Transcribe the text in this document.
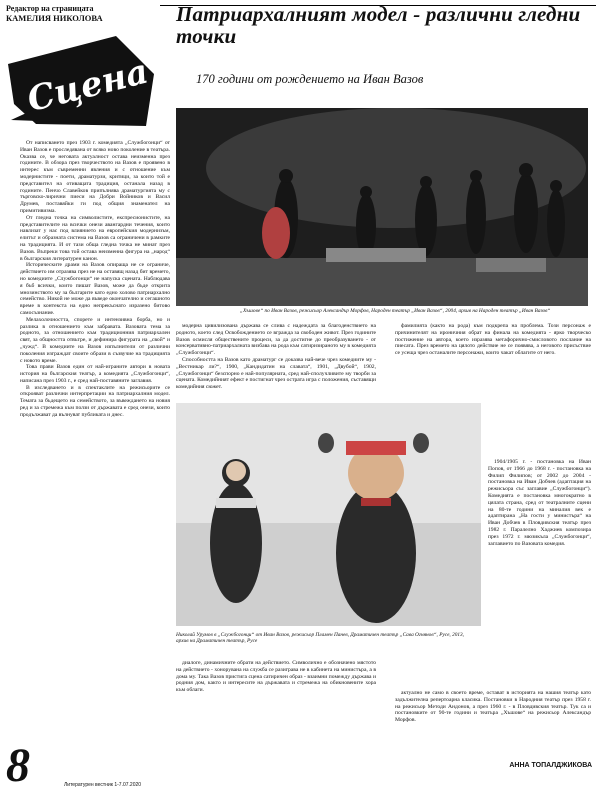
Редактор на страницата
КАМЕЛИЯ НИКОЛОВА
Сцена
Патриархалният модел - различни гледни точки
170 години от рождението на Иван Вазов

От написването през 1903 г. комедията „Службогонци“ от Иван Вазов е проследявана от всяко ново поколение в театъра. Оказва се, че неговата актуалност остава неизменна през годините. В обзора през творчеството на Вазов е проявено в интерес към съвременни явления и с отношение към модернистите - поети, драматурзи, критици, за които той е представител на отиващата традиция, останала назад в годините. Пенчо Славейков припълнява драматургията му с търговско-лирични пиеси на Добри Войников и Васил Друмев, поставяйки ги под общия знаменател на примитивизма.

От гледна точка на символистите, експресионистите, на представителите на всички онези авангардни течения, които навлизат у нас под влиянието на европейския модернизъм, елитът и образната система на Вазов са ограничени в рамките на традицията. И от тази обща гледна точка не минат през Вазов. Въпреки това той остава неизменна фигура на „народ“ в българския литературен канон.

Историческите драми на Вазов опираща не се ограниче, действието им отразява през не на оставящ назад бит времето, но комедиите „Службогонци“ не напуска сцената. Наблюдава я бъб всички, които пишат Вазов, може да бъде открита мнозинството му за българите като едно холово патриархално семейство. Никой не може да въведе окончателно и сегашното време в контекста на едно непрекъснато изразено битово самосъзнание.

Мелахолочността, спорете и интензивна борба, но и разлика в отношението към забравата. Вазовата тема за родното, за отношението към традиционния патриархален свят, за общността отвътре, и дефинира фигурата на „свой“ и „чужд“. В комедиите на Вазов изпълнители от различни поколения изграждат своите образи в съзвучие на традицията с новото време.

Това прави Вазов един от най-играните автори в новата история на българския театър, а комедията „Службогонци“, написана през 1903 г., е сред най-поставяните заглавия.

В изследването и в спектаклите на режисьорите се открояват различни интерпретации на патриархалния модел. Темата за бъдещето на семейството, за въвеждането на новия ред и за стремежа към ползи от държавата е сред онези, които продължават да вълнуват публиката и днес.

„Хъшове“ по Иван Вазов, режисьор Александър Морфов, Народен театър „Иван Вазов“, 2004, архив на Народен театър „Иван Вазов“

модерна цивилизована държава се слива с надеждата за благоденствието на родното, което след Освобождението се вгражда за свободен живот. През годините Вазов осмисля обществените процеси, за да достигне до преобразуването - от консервативно-патриархалната визбава на рода към сатиризираното му в комедията „Службогонци“.

Способността на Вазов като драматург се доказва най-вече чрез комедиите му - „Вестникар ли?“, 1900, „Кандидатин на славата“, 1901, „Двубой“, 1902, „Службогонци“ безспорно е най-популярната, сред най-сполучливите му творби за сцената. Комедийният ефект е постигнат чрез острата игра с положения, съставящи комедийния сюжет.

фамилията (както на рода) към подкрепа на проблема. Този персонаж е причинителят на ироничния обрат на финала на комедията - ярко творческо постижение на автора, което изразява метафорично-смисловото послание на пиесата. През времето на цялото действие не се появява, а неговото присъствие се усеща чрез останалите персонажи, които чакат облагите от него.

Николай Урумов в „Службогонци“ от Иван Вазов, режисьор Пламен Панев, Драматичен театър „Сава Огнянов“, Русе, 2013, архив на Драматичен театър, Русе

1904/1905 г. - постановка на Иван Попов, от 1966 до 1968 г. - постановка на Филип Филипов; от 2002 до 2004 - постановка на Иван Добчев (адаптация на режисьора със заглавие „Службогонци“). Комедията е постановка многократно в цялата страна, сред от театралните сцени на 80-те години на миналия век е адаптирана „На гости у министъра“ на Иван Добчев в Пловдивския театър през 1982 г. Паралелно Хаджиев композира през 1972 г. мюзикъла „Службогонци“, заглавието по Вазовата комедия.

диалоге, динамичните обрати на действието. Символично е обозначено мястото на действието - хонорувана на служба се разиграва не в кабинета на министъра, а в дома му. Така Вазов пристига сцена сатиричен образ - взаимни помежду държава и родния дом, както и интересите на държавата и стремежа на обикновените хора към облаги.	актуално не само в своето време, остават в историята на нашия театър като задължителна репертоарна класика. Постановки в Народния театър през 1958 г. на режисьор Методи Андонов, а през 1960 г. - в Пловдивския театър. Тук са и постановките от 90-те години и театъра „Хъшове“ на режисьор Александър Морфов.

АННА ТОПАЛДЖИКОВА
8	Литературен вестник 1-7.07.2020
